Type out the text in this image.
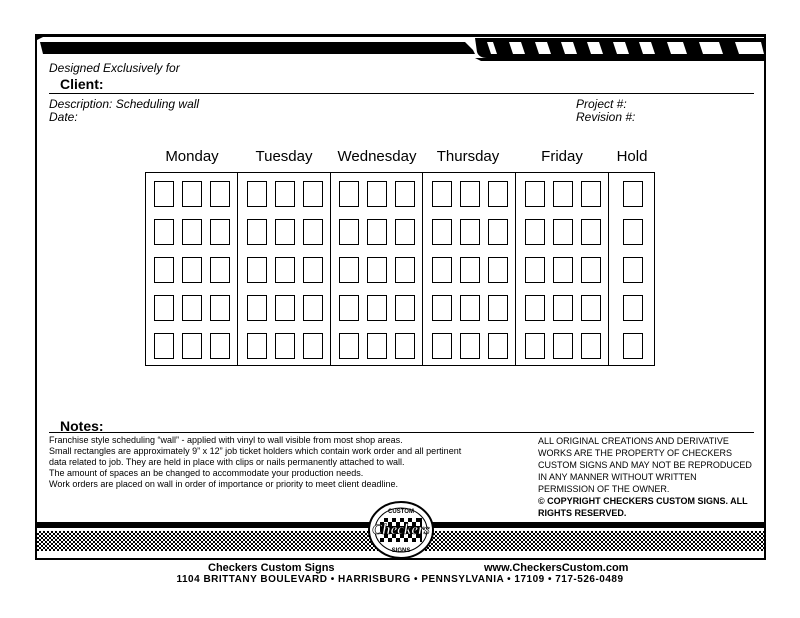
Designed Exclusively for
Client:
Description: Scheduling wall
Date:
Project #:
Revision #:
Monday	Tuesday	Wednesday	Thursday	Friday	Hold
Notes:
Franchise style scheduling “wall” - applied with vinyl to wall visible from most shop areas.
Small rectangles are approximately 9” x 12” job ticket holders which contain work order and all pertinent
data related to job. They are held in place with clips or nails permanently attached to wall.
The amount of spaces an be changed to accommodate your production needs.
Work orders are placed on wall in order of importance or priority to meet client deadline.
ALL ORIGINAL CREATIONS AND DERIVATIVE
WORKS ARE THE PROPERTY OF CHECKERS
CUSTOM SIGNS AND MAY NOT BE REPRODUCED
IN ANY MANNER WITHOUT WRITTEN
PERMISSION OF THE OWNER.
© COPYRIGHT CHECKERS CUSTOM SIGNS. ALL
RIGHTS RESERVED.
CUSTOM
Checkers
SIGNS
Checkers Custom Signs	www.CheckersCustom.com
1104 BRITTANY BOULEVARD • HARRISBURG • PENNSYLVANIA • 17109 • 717-526-0489
